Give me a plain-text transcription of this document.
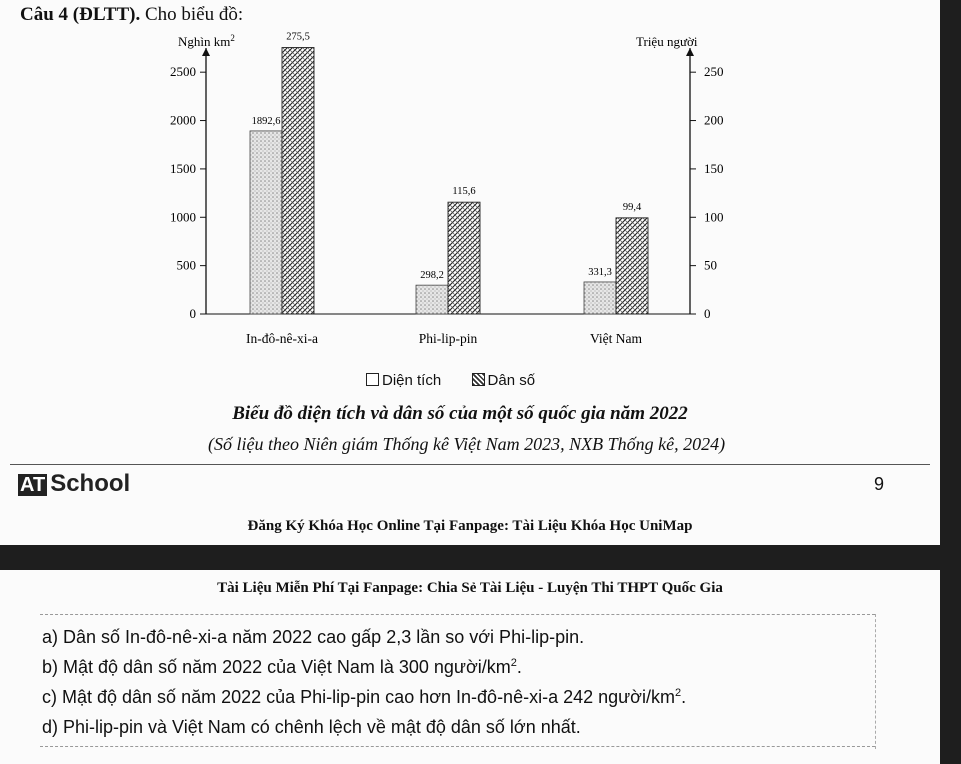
Câu 4 (ĐLTT). Cho biểu đồ:
Nghìn $km^2$	Triệu người
0
500
1000
1500
2000
2500
0
50
100
150
200
250
1892,6
275,5
In-đô-nê-xi-a
298,2
115,6
Phi-lip-pin
331,3
99,4
Việt Nam
Diện tích	Dân số
Biểu đồ diện tích và dân số của một số quốc gia năm 2022
(Số liệu theo Niên giám Thống kê Việt Nam 2023, NXB Thống kê, 2024)
AT School	9
Đăng Ký Khóa Học Online Tại Fanpage: Tài Liệu Khóa Học UniMap
Tài Liệu Miễn Phí Tại Fanpage: Chia Sẻ Tài Liệu - Luyện Thi THPT Quốc Gia
a) Dân số In-đô-nê-xi-a năm 2022 cao gấp 2,3 lần so với Phi-lip-pin.
b) Mật độ dân số năm 2022 của Việt Nam là 300 người/$km^2$.
c) Mật độ dân số năm 2022 của Phi-lip-pin cao hơn In-đô-nê-xi-a 242 người/$km^2$.
d) Phi-lip-pin và Việt Nam có chênh lệch về mật độ dân số lớn nhất.
